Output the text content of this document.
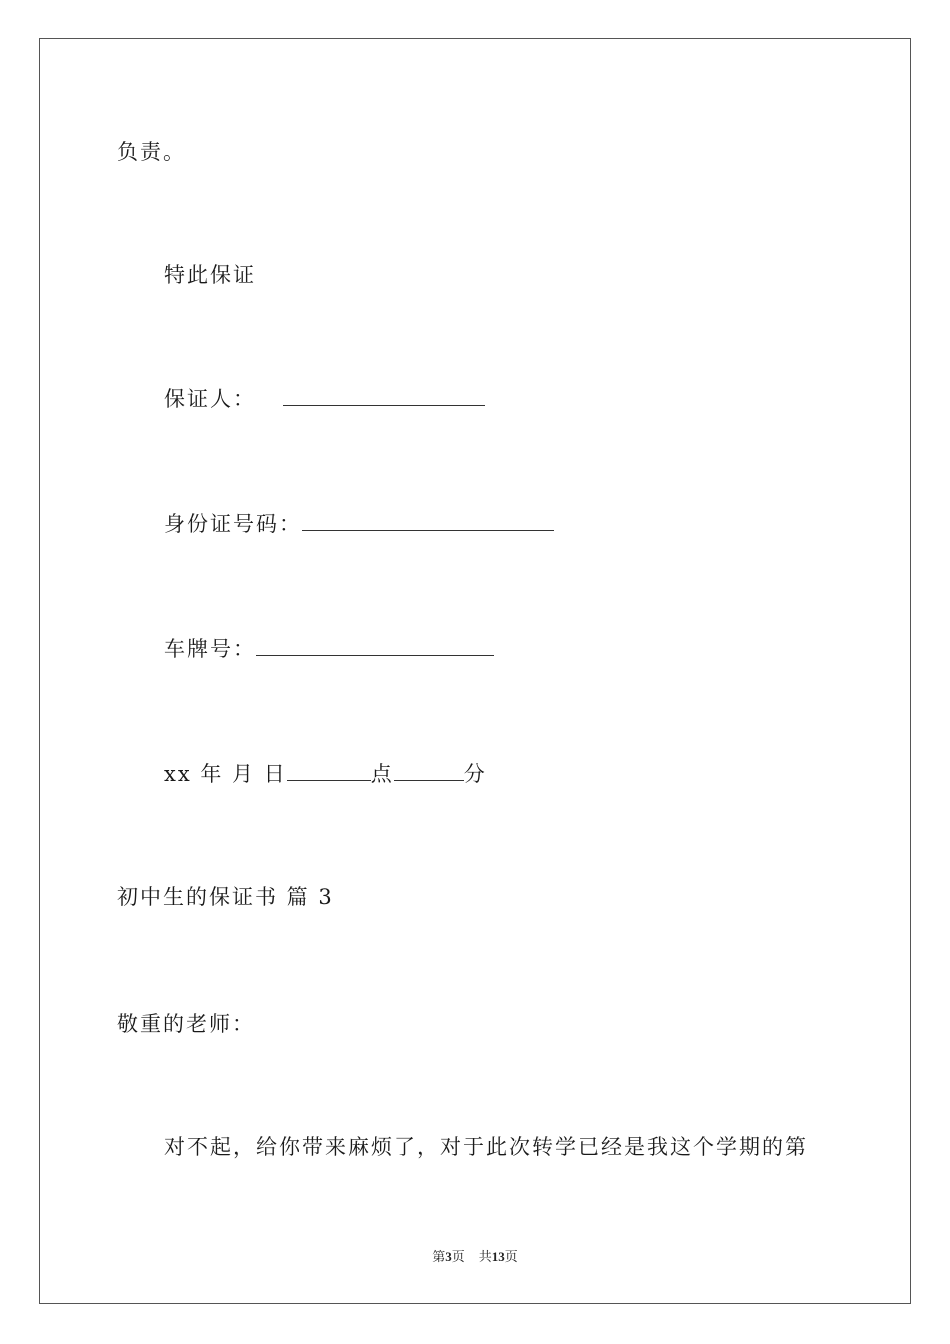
负责。
特此保证
保证人：
身份证号码：
车牌号：
xx 年 月 日	点	分
初中生的保证书 篇 3
敬重的老师：
对不起，给你带来麻烦了，对于此次转学已经是我这个学期的第
第3页 共13页
